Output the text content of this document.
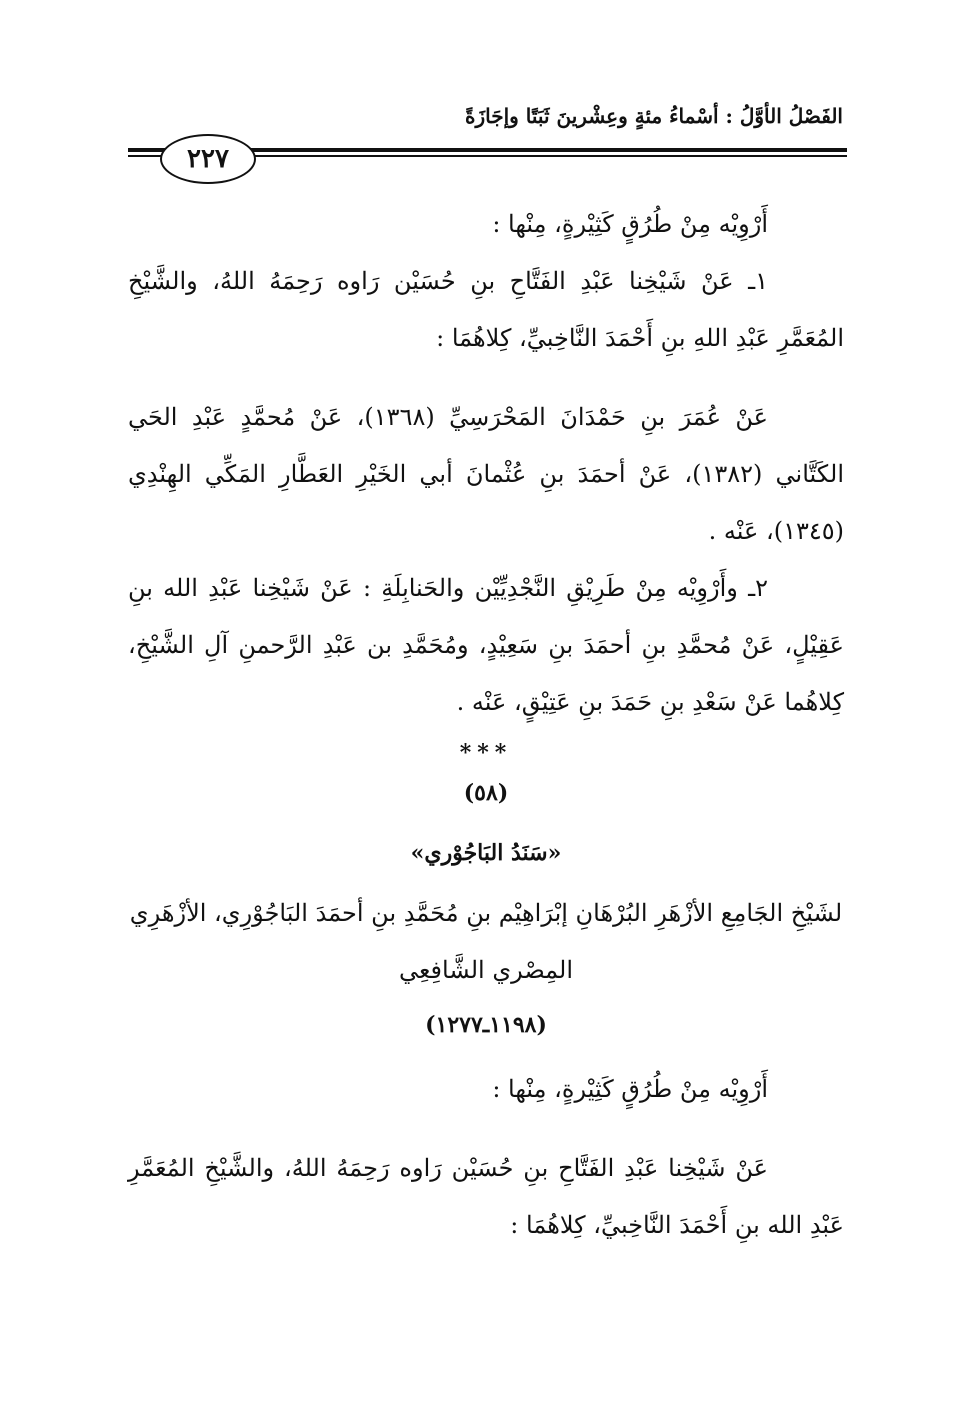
الفَصْلُ الأوَّلُ : أسْماءُ مئةٍ وعِشْرينَ ثَبَتًا وإجَازَةً
٢٢٧

أَرْوِيْه مِنْ طُرُقٍ كَثِيْرةٍ، مِنْها :

١ـ عَنْ شَيْخِنا عَبْدِ الفَتَّاحِ بنِ حُسَيْن رَاوه رَحِمَهُ اللهُ، والشَّيْخِ المُعَمَّرِ عَبْدِ اللهِ بنِ أَحْمَدَ النَّاخِبيِّ، كِلاهُمَا :

عَنْ عُمَرَ بنِ حَمْدَانَ المَحْرَسِيِّ (١٣٦٨)، عَنْ مُحمَّدٍ عَبْدِ الحَي الكَتَّاني (١٣٨٢)، عَنْ أحمَدَ بنِ عُثْمانَ أبي الخَيْرِ العَطَّارِ المَكِّي الهِنْدِي (١٣٤٥)، عَنْه .

٢ـ وأَرْوِيْه مِنْ طَرِيْقِ النَّجْدِيِّيْن والحَنابِلَةِ : عَنْ شَيْخِنا عَبْدِ الله بنِ عَقِيْلٍ، عَنْ مُحمَّدِ بنِ أحمَدَ بنِ سَعِيْدٍ، ومُحَمَّدِ بن عَبْدِ الرَّحمنِ آلِ الشَّيْخِ، كِلاهُما عَنْ سَعْدِ بنِ حَمَدَ بنِ عَتِيْقٍ، عَنْه .

***

(٥٨)

«سَنَدُ البَاجُوْري»

لشَيْخِ الجَامِعِ الأزْهَرِ البُرْهَانِ إبْرَاهِيْم بنِ مُحَمَّدِ بنِ أحمَدَ البَاجُوْرِي، الأزْهَرِي المِصْري الشَّافِعِي

(١١٩٨ـ١٢٧٧)

أَرْوِيْه مِنْ طُرُقٍ كَثِيْرةٍ، مِنْها :

عَنْ شَيْخِنا عَبْدِ الفَتَّاحِ بنِ حُسَيْن رَاوه رَحِمَهُ اللهُ، والشَّيْخِ المُعَمَّرِ عَبْدِ الله بنِ أَحْمَدَ النَّاخِبيِّ، كِلاهُمَا :
